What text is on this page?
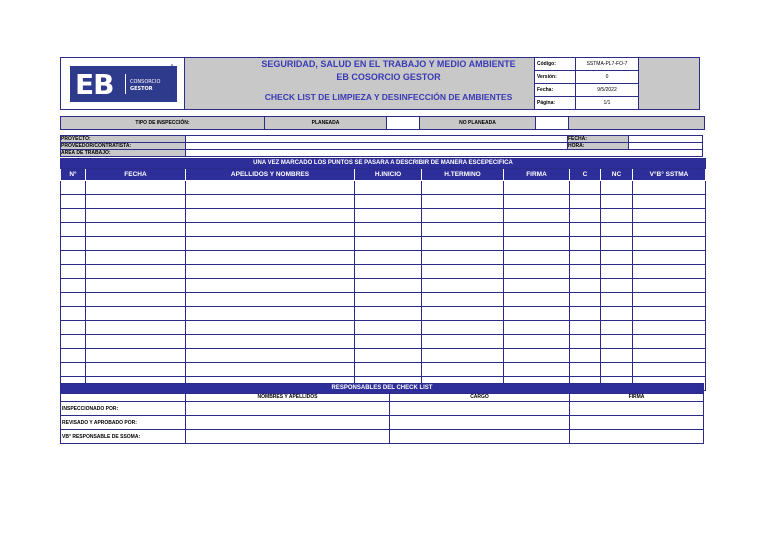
EB	CONSORCIO
GESTOR	CONSORCIO · GESTOR	SEGURIDAD, SALUD EN EL TRABAJO Y MEDIO AMBIENTE
EB COSORCIO GESTOR
CHECK LIST DE LIMPIEZA Y DESINFECCIÓN DE AMBIENTES
Código:	SSTMA-PL7-FO-7
Versión:	0
Fecha:	9/5/2022
Página:	1/1
TIPO DE INSPECCIÓN:	PLANEADA		NO PLANEADA		
PROYECTO:		FECHA:	
PROVEEDOR/CONTRATISTA:		HORA:	
AREA DE TRABAJO:			
UNA VEZ MARCADO LOS PUNTOS SE PASARA A DESCRIBIR DE MANERA ESCEPECIFICA								
N°	FECHA	APELLIDOS Y NOMBRES	H.INICIO	H.TERMINO	FIRMA	C	NC	V°B° SSTMA

RESPONSABLES DEL CHECK LIST			
	NOMBRES Y APELLIDOS	CARGO	FIRMA
INSPECCIONADO POR:			
REVISADO Y APROBADO POR:			
VB° RESPONSABLE DE SSOMA:			
